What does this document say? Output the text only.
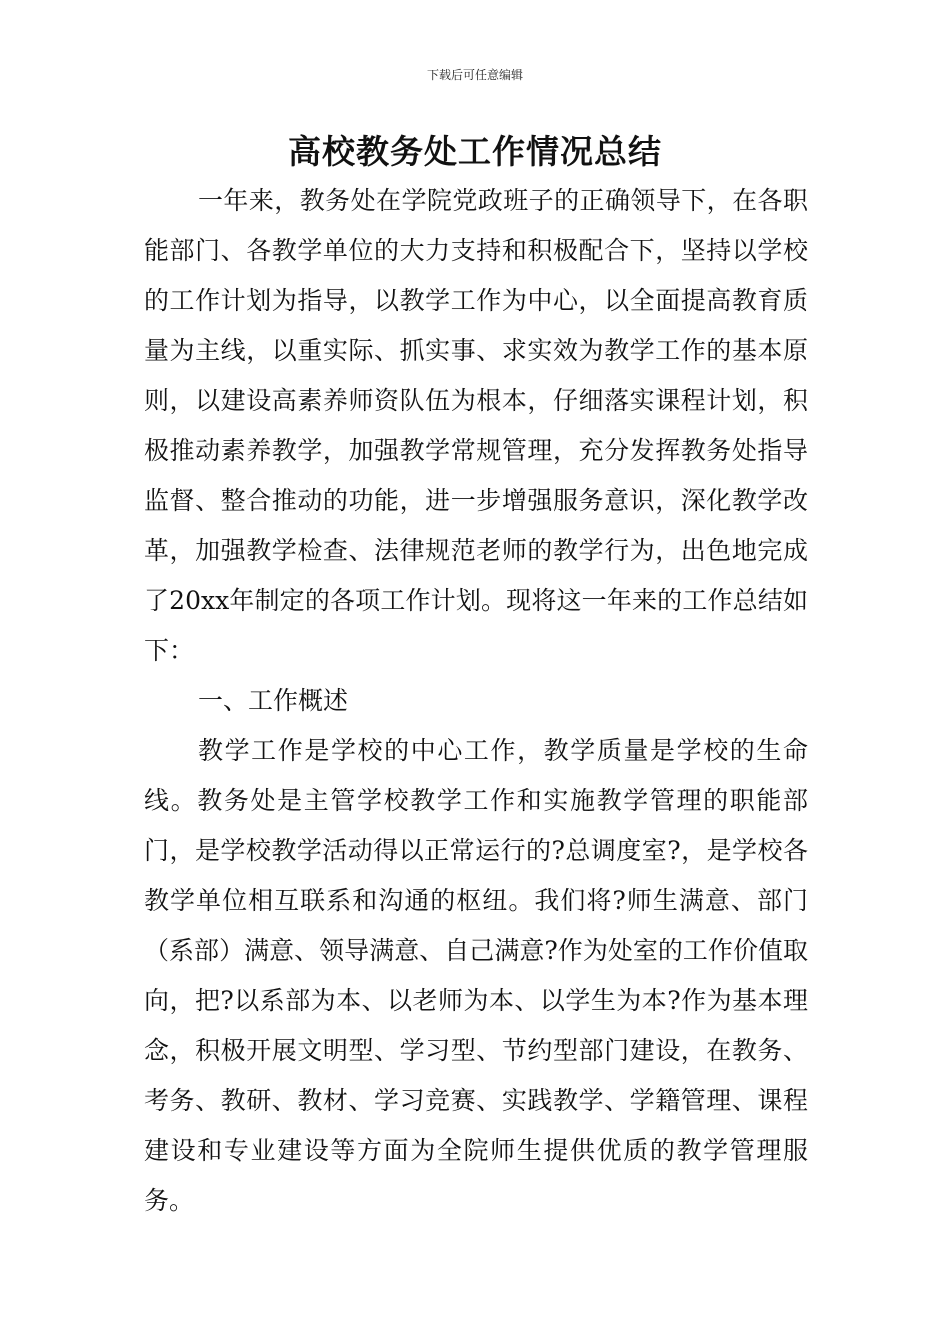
下载后可任意编辑
高校教务处工作情况总结

一年来，教务处在学院党政班子的正确领导下，在各职能部门、各教学单位的大力支持和积极配合下，坚持以学校的工作计划为指导，以教学工作为中心，以全面提高教育质量为主线，以重实际、抓实事、求实效为教学工作的基本原则，以建设高素养师资队伍为根本，仔细落实课程计划，积极推动素养教学，加强教学常规管理，充分发挥教务处指导监督、整合推动的功能，进一步增强服务意识，深化教学改革，加强教学检查、法律规范老师的教学行为，出色地完成了20xx年制定的各项工作计划。现将这一年来的工作总结如下：

一、工作概述

教学工作是学校的中心工作，教学质量是学校的生命线。教务处是主管学校教学工作和实施教学管理的职能部门，是学校教学活动得以正常运行的?总调度室?，是学校各教学单位相互联系和沟通的枢纽。我们将?师生满意、部门（系部）满意、领导满意、自己满意?作为处室的工作价值取向，把?以系部为本、以老师为本、以学生为本?作为基本理念，积极开展文明型、学习型、节约型部门建设，在教务、考务、教研、教材、学习竞赛、实践教学、学籍管理、课程建设和专业建设等方面为全院师生提供优质的教学管理服务。
